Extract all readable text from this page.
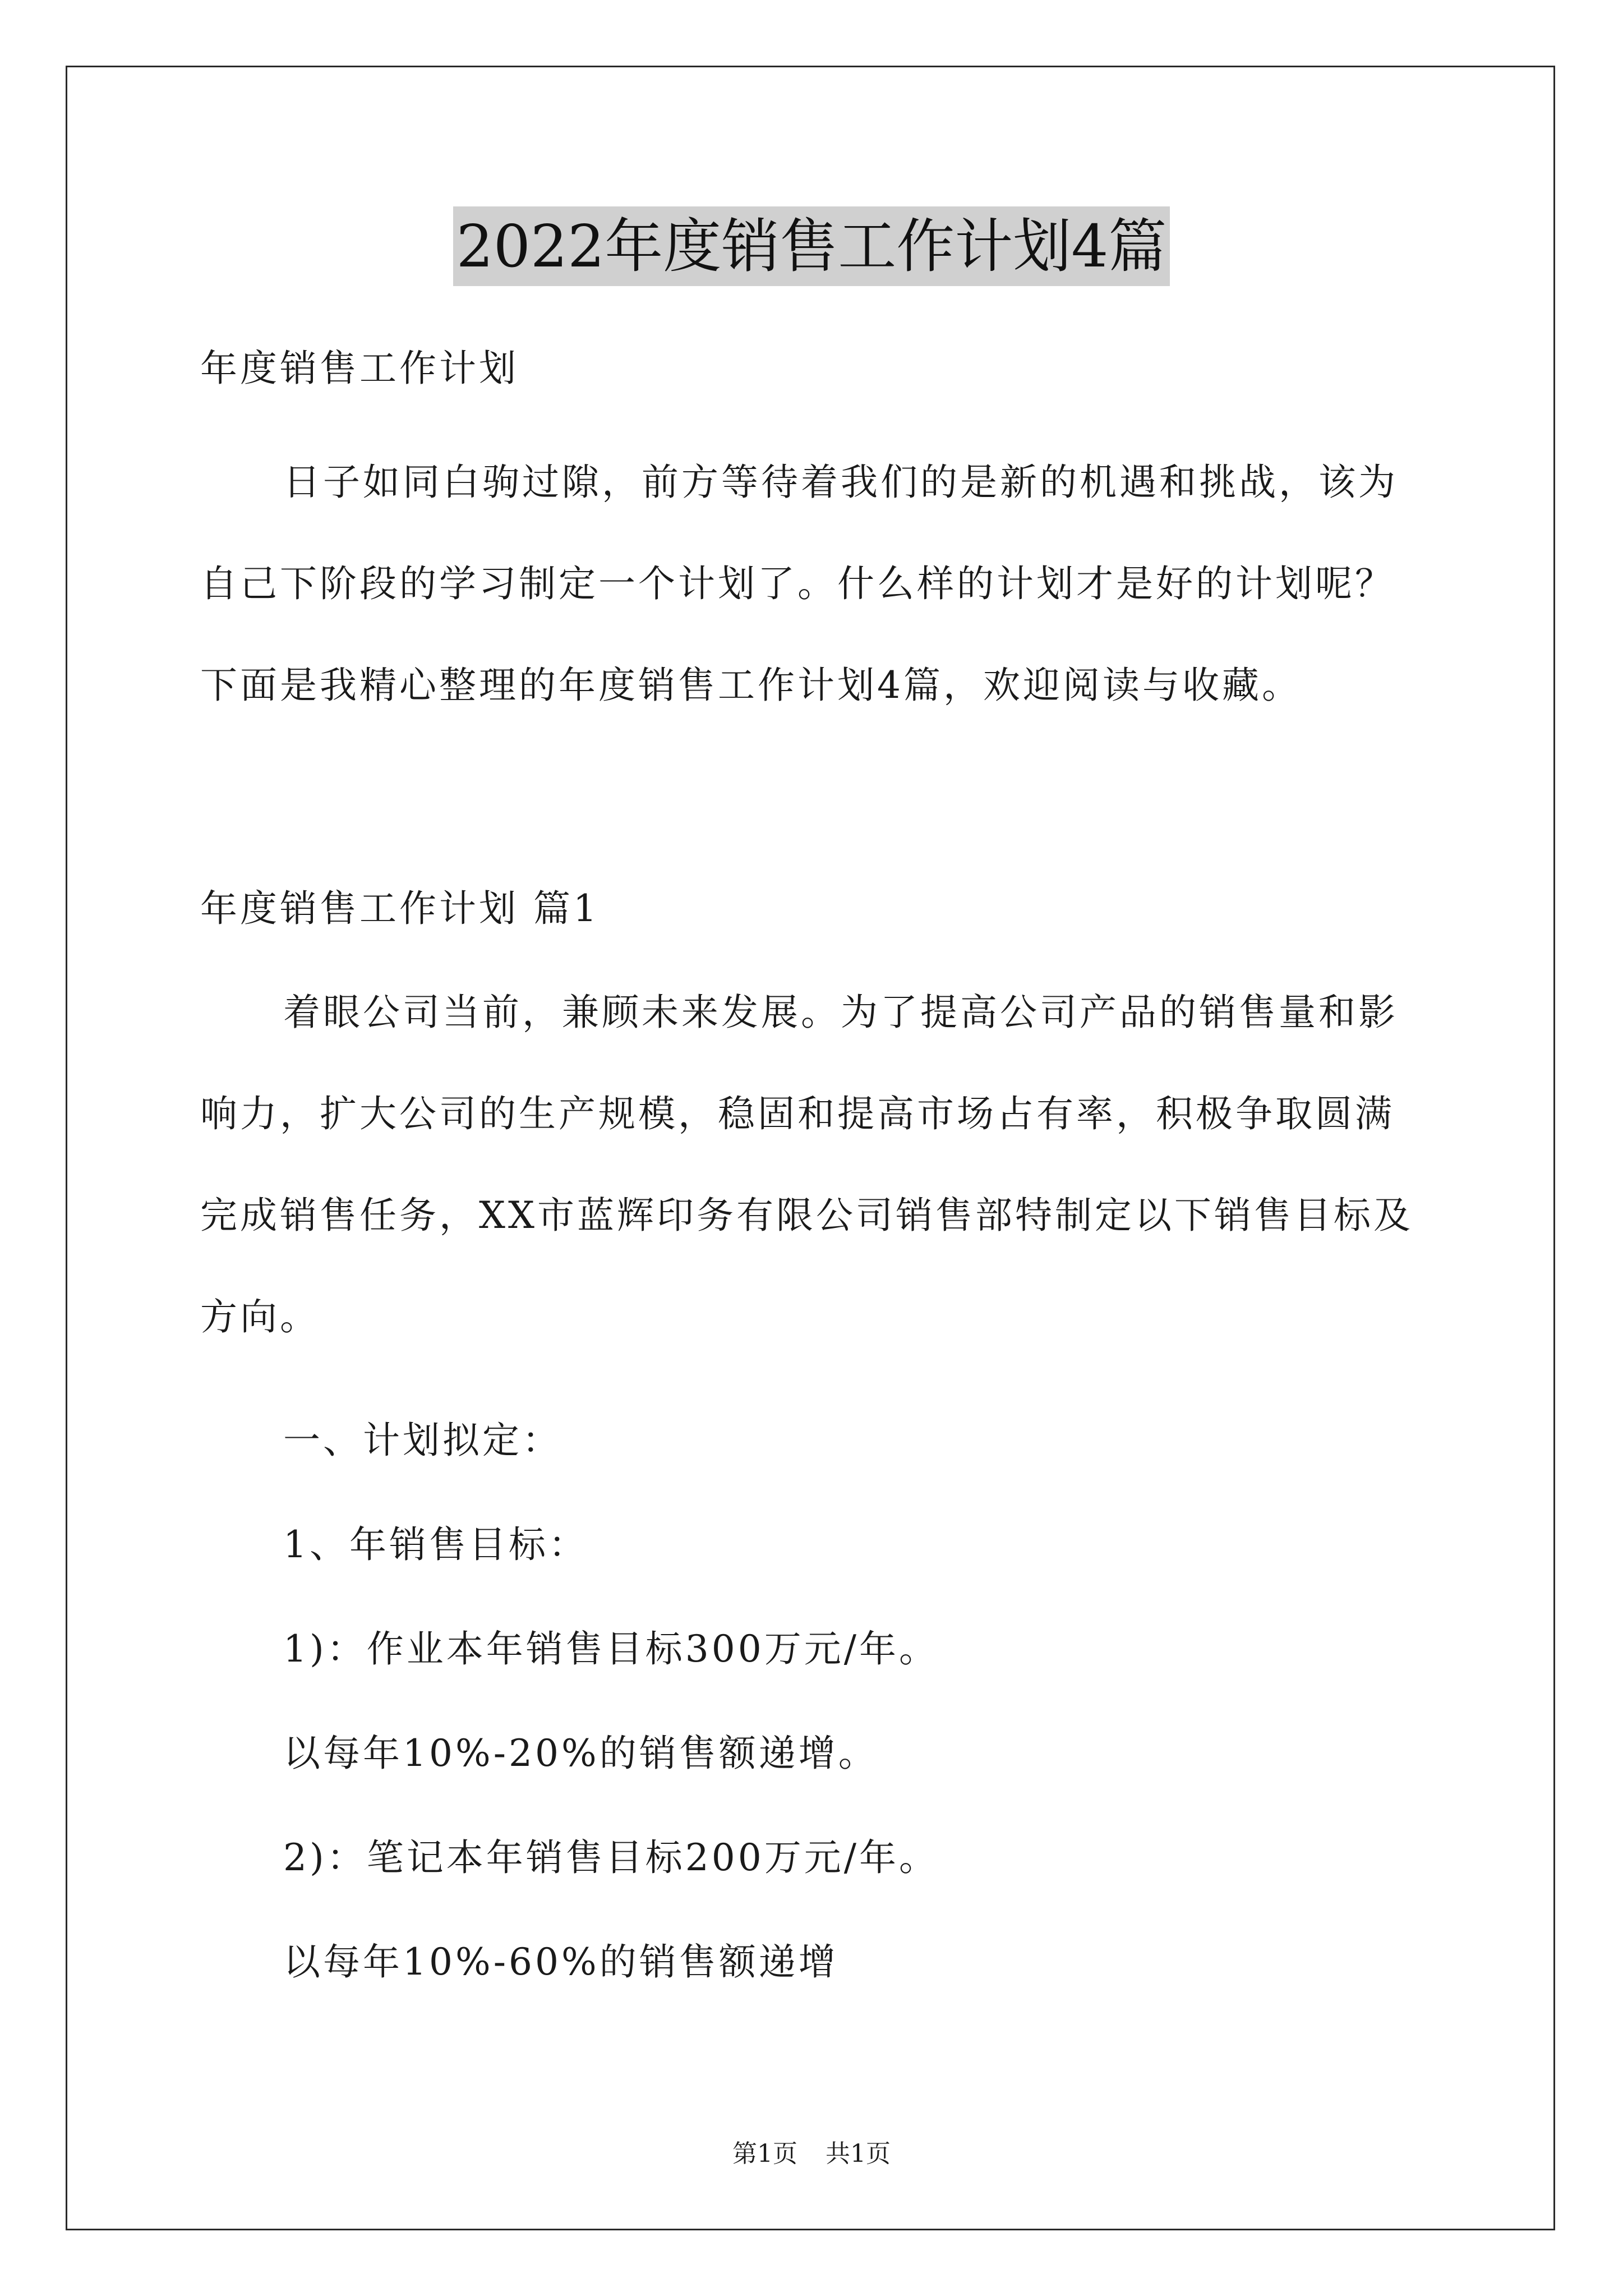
2022年度销售工作计划4篇
年度销售工作计划
日子如同白驹过隙，前方等待着我们的是新的机遇和挑战，该为
自己下阶段的学习制定一个计划了。什么样的计划才是好的计划呢？
下面是我精心整理的年度销售工作计划4篇，欢迎阅读与收藏。
年度销售工作计划 篇1
着眼公司当前，兼顾未来发展。为了提高公司产品的销售量和影
响力，扩大公司的生产规模，稳固和提高市场占有率，积极争取圆满
完成销售任务，XX市蓝辉印务有限公司销售部特制定以下销售目标及
方向。
一、计划拟定：
1、年销售目标：
1)：作业本年销售目标300万元/年。
以每年10%-20%的销售额递增。
2)：笔记本年销售目标200万元/年。
以每年10%-60%的销售额递增
第1页 共1页
